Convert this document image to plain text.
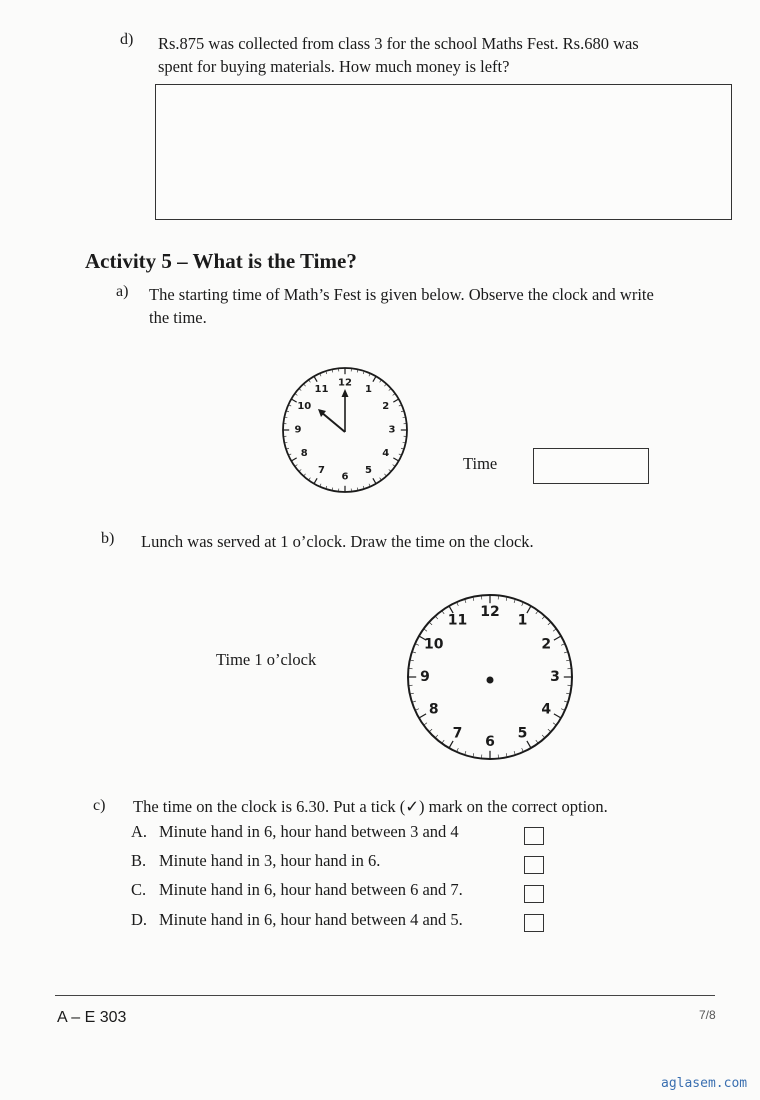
d) Rs.875 was collected from class 3 for the school Maths Fest. Rs.680 was
spent for buying materials. How much money is left?
Activity 5 – What is the Time?
a) The starting time of Math’s Fest is given below. Observe the clock and write
the time.
12
1
2
3
4
5
6
7
8
9
10
11
Time
b) Lunch was served at 1 o’clock. Draw the time on the clock.
Time 1 o’clock
12
1
2
3
4
5
6
7
8
9
10
11
c) The time on the clock is 6.30. Put a tick (✓) mark on the correct option.
A. Minute hand in 6, hour hand between 3 and 4
B. Minute hand in 3, hour hand in 6.
C. Minute hand in 6, hour hand between 6 and 7.
D. Minute hand in 6, hour hand between 4 and 5.
A – E 303	7/8
aglasem.com
